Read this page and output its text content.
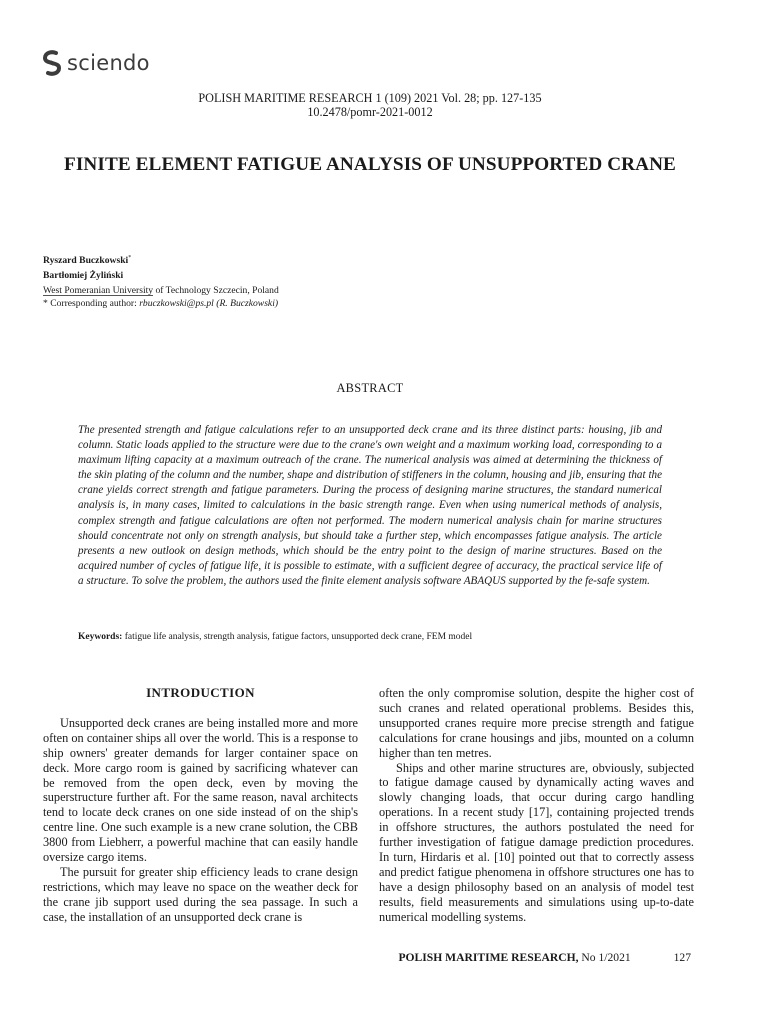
sciendo
POLISH MARITIME RESEARCH 1 (109) 2021 Vol. 28; pp. 127-135
10.2478/pomr-2021-0012
FINITE ELEMENT FATIGUE ANALYSIS OF UNSUPPORTED CRANE
Ryszard Buczkowski*
Bartłomiej Żyliński
West Pomeranian University of Technology Szczecin, Poland
* Corresponding author: rbuczkowski@ps.pl (R. Buczkowski)
ABSTRACT
The presented strength and fatigue calculations refer to an unsupported deck crane and its three distinct parts: housing, jib and column. Static loads applied to the structure were due to the crane's own weight and a maximum working load, corresponding to a maximum lifting capacity at a maximum outreach of the crane. The numerical analysis was aimed at determining the thickness of the skin plating of the column and the number, shape and distribution of stiffeners in the column, housing and jib, ensuring that the crane yields correct strength and fatigue parameters. During the process of designing marine structures, the standard numerical analysis is, in many cases, limited to calculations in the basic strength range. Even when using numerical methods of analysis, complex strength and fatigue calculations are often not performed. The modern numerical analysis chain for marine structures should concentrate not only on strength analysis, but should take a further step, which encompasses fatigue analysis. The article presents a new outlook on design methods, which should be the entry point to the design of marine structures. Based on the acquired number of cycles of fatigue life, it is possible to estimate, with a sufficient degree of accuracy, the practical service life of a structure. To solve the problem, the authors used the finite element analysis software ABAQUS supported by the fe-safe system.
Keywords: fatigue life analysis, strength analysis, fatigue factors, unsupported deck crane, FEM model
INTRODUCTION

Unsupported deck cranes are being installed more and more often on container ships all over the world. This is a response to ship owners' greater demands for larger container space on deck. More cargo room is gained by sacrificing whatever can be removed from the open deck, even by moving the superstructure further aft. For the same reason, naval architects tend to locate deck cranes on one side instead of on the ship's centre line. One such example is a new crane solution, the CBB 3800 from Liebherr, a powerful machine that can easily handle oversize cargo items.

The pursuit for greater ship efficiency leads to crane design restrictions, which may leave no space on the weather deck for the crane jib support used during the sea passage. In such a case, the installation of an unsupported deck crane is

often the only compromise solution, despite the higher cost of such cranes and related operational problems. Besides this, unsupported cranes require more precise strength and fatigue calculations for crane housings and jibs, mounted on a column higher than ten metres.

Ships and other marine structures are, obviously, subjected to fatigue damage caused by dynamically acting waves and slowly changing loads, that occur during cargo handling operations. In a recent study [17], containing projected trends in offshore structures, the authors postulated the need for further investigation of fatigue damage prediction procedures. In turn, Hirdaris et al. [10] pointed out that to correctly assess and predict fatigue phenomena in offshore structures one has to have a design philosophy based on an analysis of model test results, field measurements and simulations using up-to-date numerical modelling systems.

POLISH MARITIME RESEARCH, No 1/2021	127
